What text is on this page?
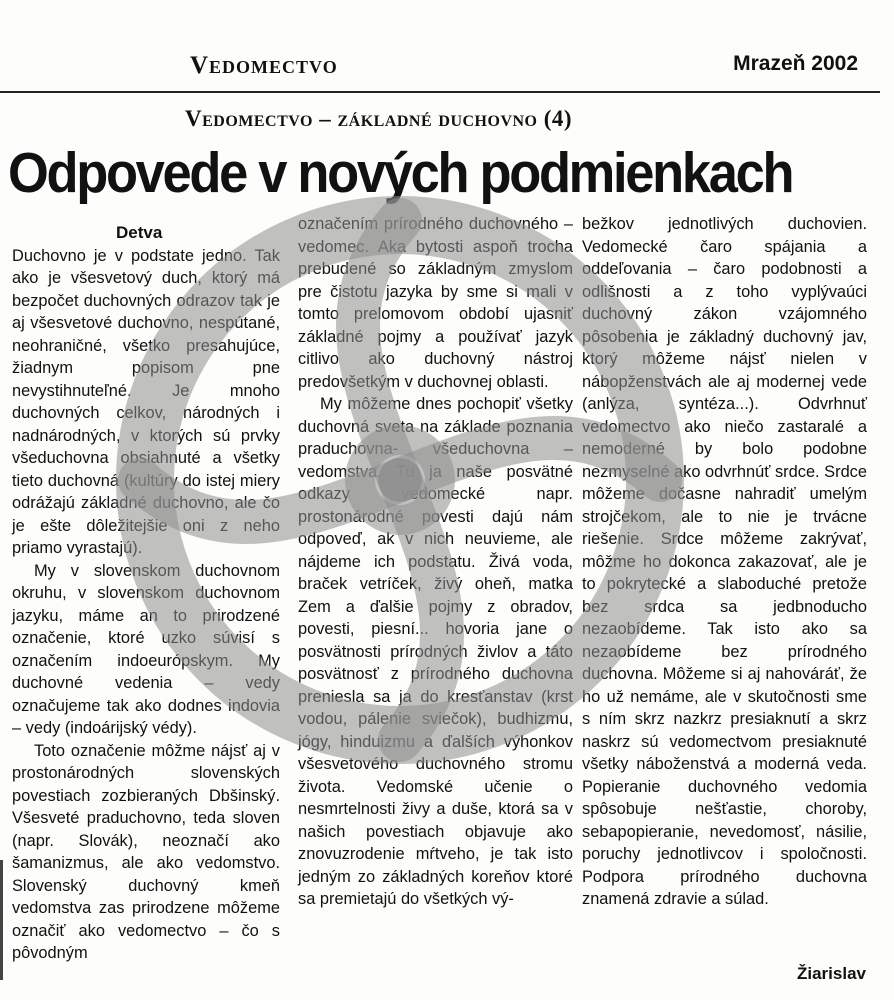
Vedomectvo	Mrazeň 2002
Vedomectvo – základné duchovno (4)
Odpovede v nových podmienkach
Detva

Duchovno je v podstate jedno. Tak ako je všesvetový duch, ktorý má bezpočet duchovných odrazov tak je aj všesvetové duchovno, nespútané, neohraničné, všetko presahujúce, žiadnym popisom pne nevystihnuteľné. Je mnoho duchovných celkov, národných i nadnárodných, v ktorých sú prvky všeduchovna obsiahnuté a všetky tieto duchovná (kultúry do istej miery odrážajú základné duchovno, ale čo je ešte dôležitejšie oni z neho priamo vyrastajú).

My v slovenskom duchovnom okruhu, v slovenskom duchovnom jazyku, máme an to prirodzené označenie, ktoré uzko súvisí s označením indoeurópskym. My duchovné vedenia – vedy označujeme tak ako dodnes indovia – vedy (indoárijský védy).

Toto označenie môžme nájsť aj v prostonárodných slovenských povestiach zozbieraných Dbšinský. Všesveté praduchovno, teda sloven (napr. Slovák), neoznačí ako šamanizmus, ale ako vedomstvo. Slovenský duchovný kmeň vedomstva zas prirodzene môžeme označiť ako vedomectvo – čo s pôvodným

označením prírodného duchovného – vedomec. Aka bytosti aspoň trocha prebudené so základným zmyslom pre čistotu jazyka by sme si mali v tomto prelomovom období ujasniť základné pojmy a používať jazyk citlivo ako duchovný nástroj predovšetkým v duchovnej oblasti.

My môžeme dnes pochopiť všetky duchovná sveta na základe poznania praduchovna- všeduchovna – vedomstva. Tu ja naše posvätné odkazy vedomecké napr. prostonárodné povesti dajú nám odpoveď, ak v nich neuvieme, ale nájdeme ich podstatu. Živá voda, braček vetríček, živý oheň, matka Zem a ďalšie pojmy z obradov, povesti, piesní... hovoria jane o posvätnosti prírodných živlov a táto posvätnosť z prírodného duchovna preniesla sa ja do kresťanstav (krst vodou, pálenie sviečok), budhizmu, jógy, hinduizmu a ďalších výhonkov všesvetového duchovného stromu života. Vedomské učenie o nesmrtelnosti živy a duše, ktorá sa v našich povestiach objavuje ako znovuzrodenie mŕtveho, je tak isto jedným zo základných koreňov ktoré sa premietajú do všetkých vý-

bežkov jednotlivých duchovien. Vedomecké čaro spájania a oddeľovania – čaro podobnosti a odlišnosti a z toho vyplývaúci duchovný zákon vzájomného pôsobenia je základný duchovný jav, ktorý môžeme nájsť nielen v nábopženstvách ale aj modernej vede (anlýza, syntéza...). Odvrhnuť vedomectvo ako niečo zastaralé a nemoderné by bolo podobne nezmyselné ako odvrhnúť srdce. Srdce môžeme dočasne nahradiť umelým strojčekom, ale to nie je trvácne riešenie. Srdce môžeme zakrývať, môžme ho dokonca zakazovať, ale je to pokrytecké a slaboduché pretože bez srdca sa jedbnoducho nezaobídeme. Tak isto ako sa nezaobídeme bez prírodného duchovna. Môžeme si aj nahováráť, že ho už nemáme, ale v skutočnosti sme s ním skrz nazkrz presiaknutí a skrz naskrz sú vedomectvom presiaknuté všetky náboženstvá a moderná veda. Popieranie duchovného vedomia spôsobuje nešťastie, choroby, sebapopieranie, nevedomosť, násilie, poruchy jednotlivcov i spoločnosti. Podpora prírodného duchovna znamená zdravie a súlad.

Žiarislav
